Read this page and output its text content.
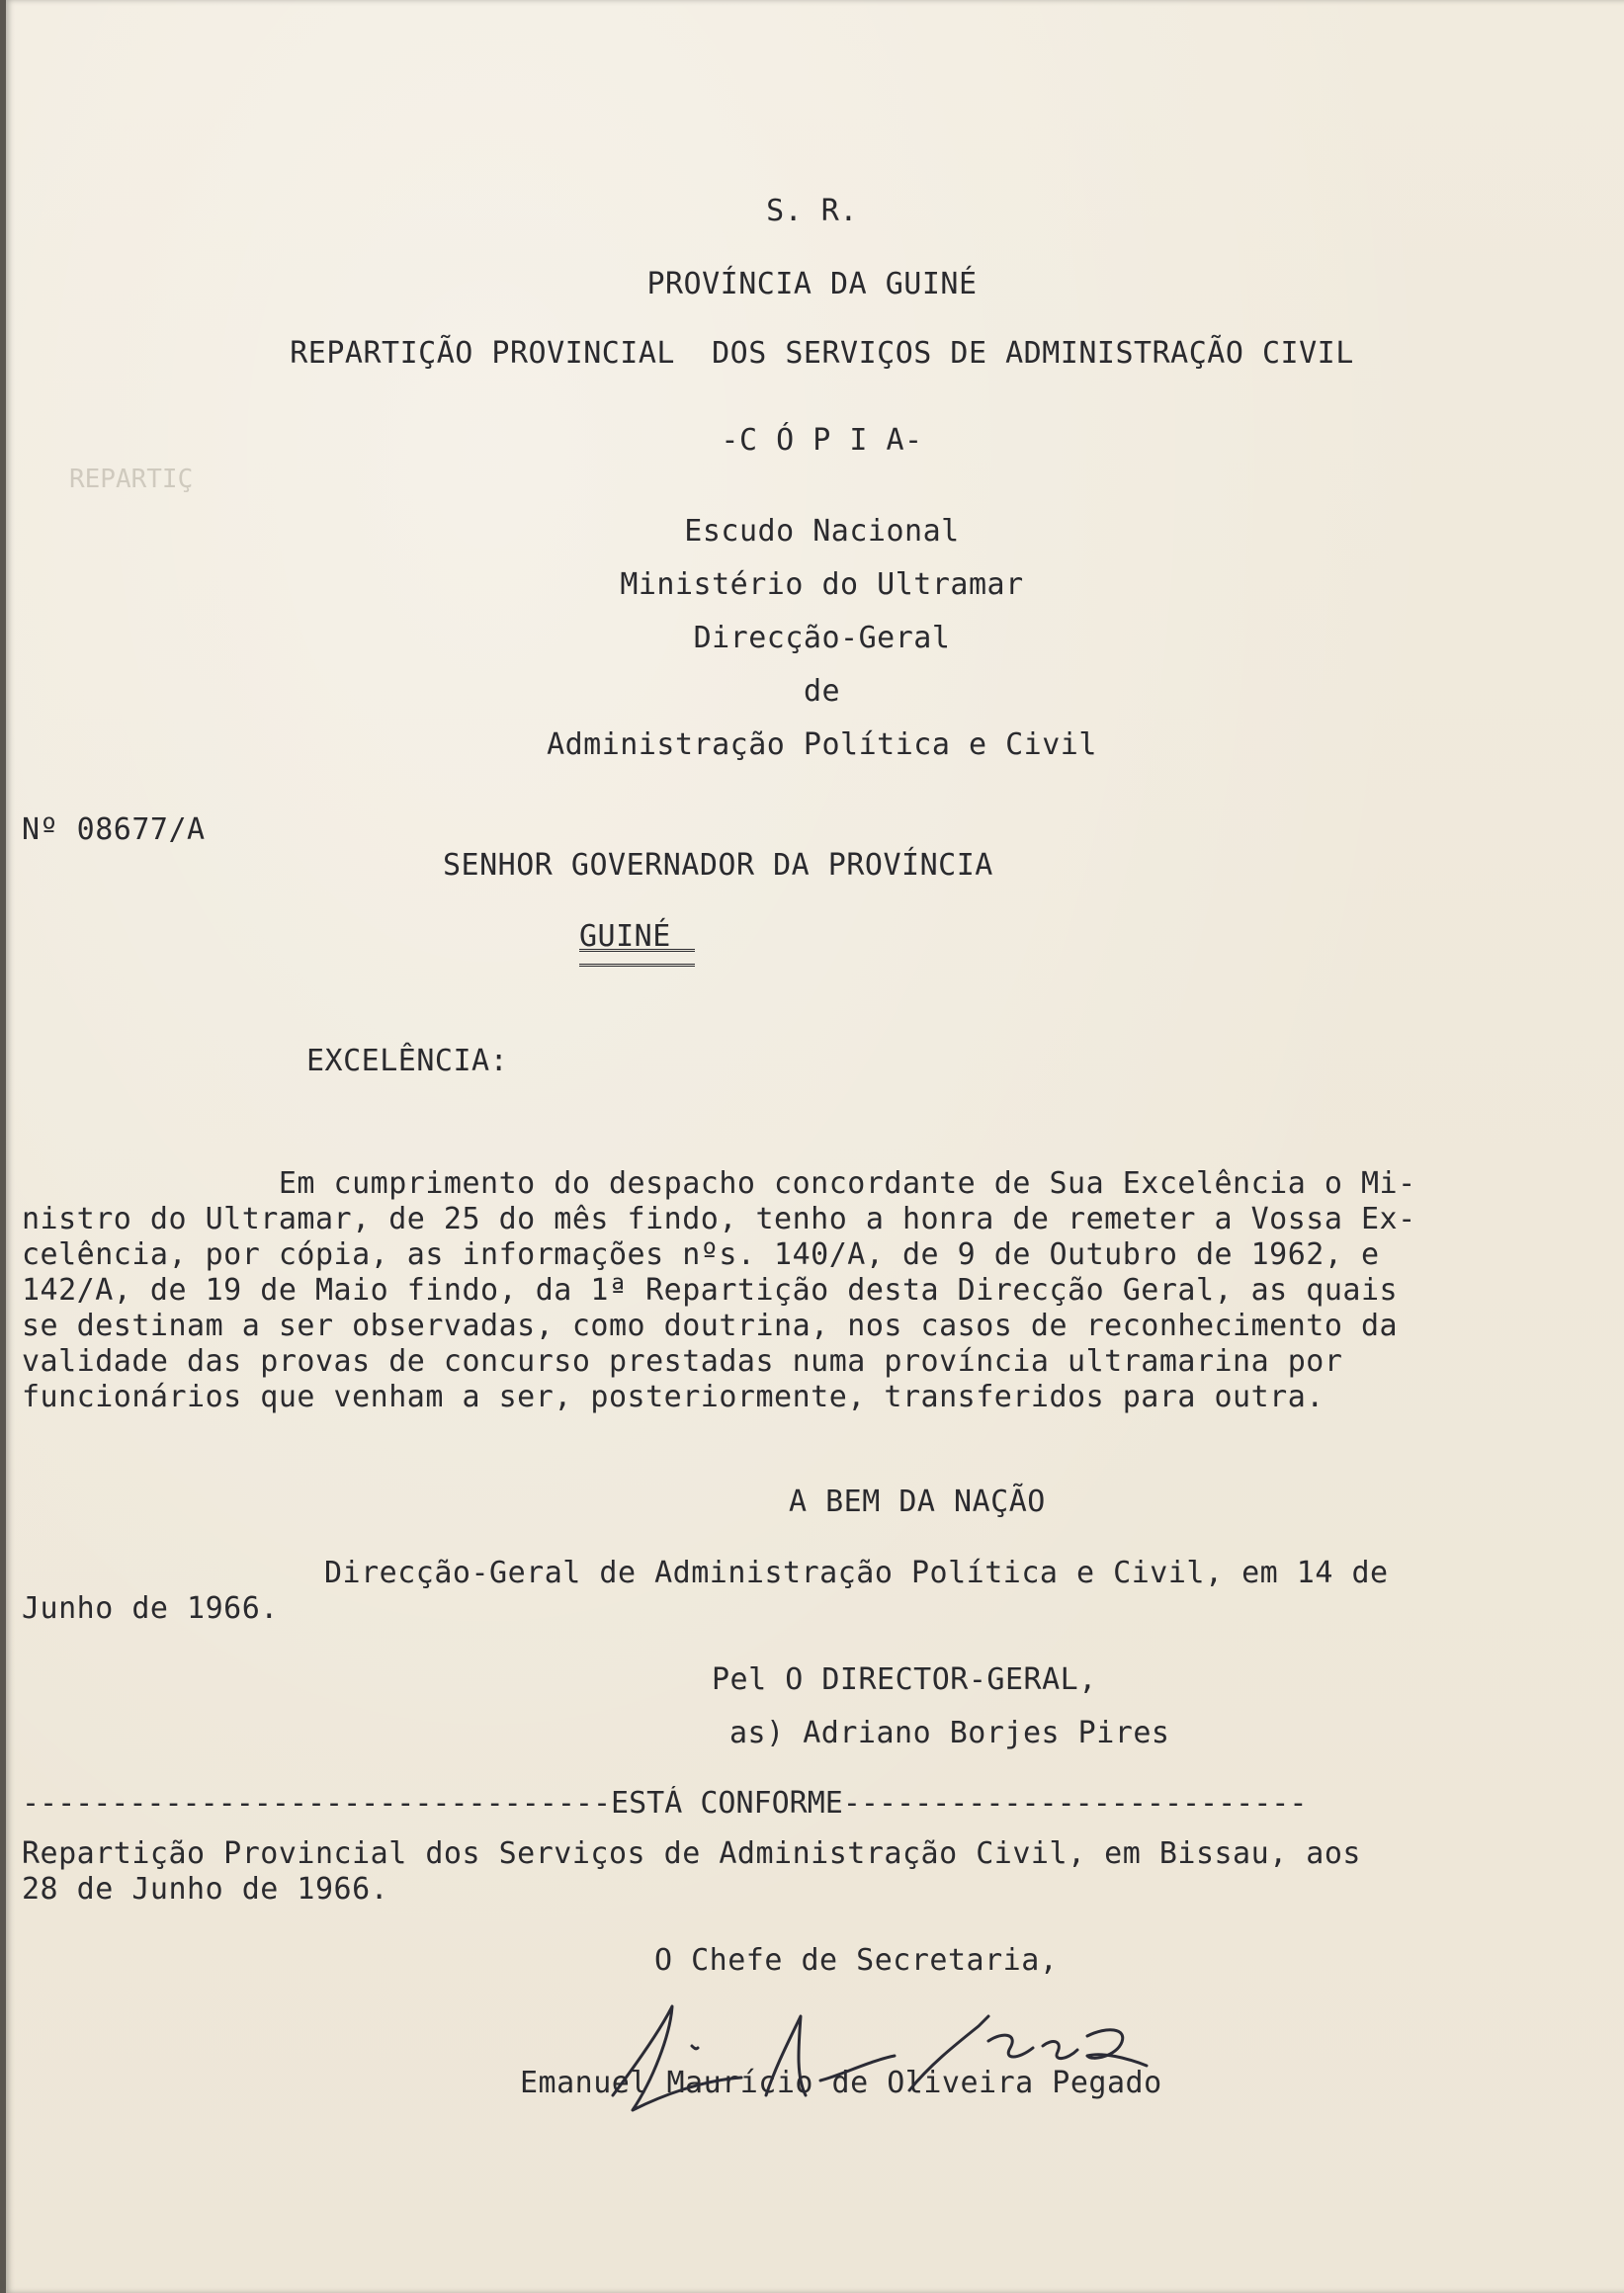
S. R.
PROVÍNCIA DA GUINÉ
REPARTIÇÃO PROVINCIAL  DOS SERVIÇOS DE ADMINISTRAÇÃO CIVIL
-C Ó P I A-
Escudo Nacional
Ministério do Ultramar
Direcção-Geral
de
Administração Política e Civil
Nº 08677/A
SENHOR GOVERNADOR DA PROVÍNCIA
GUINÉ
EXCELÊNCIA:
Em cumprimento do despacho concordante de Sua Excelência o Mi-
nistro do Ultramar, de 25 do mês findo, tenho a honra de remeter a Vossa Ex-
celência, por cópia, as informações nºs. 140/A, de 9 de Outubro de 1962, e
142/A, de 19 de Maio findo, da 1ª Repartição desta Direcção Geral, as quais
se destinam a ser observadas, como doutrina, nos casos de reconhecimento da
validade das provas de concurso prestadas numa província ultramarina por
funcionários que venham a ser, posteriormente, transferidos para outra.
A BEM DA NAÇÃO
Direcção-Geral de Administração Política e Civil, em 14 de
Junho de 1966.
Pel O DIRECTOR-GERAL,
as) Adriano Borjes Pires
---------------------------------ESTÁ CONFORME--------------------------
Repartição Provincial dos Serviços de Administração Civil, em Bissau, aos
28 de Junho de 1966.
O Chefe de Secretaria,
Emanuel Maurício de Oliveira Pegado
REPARTIÇ
